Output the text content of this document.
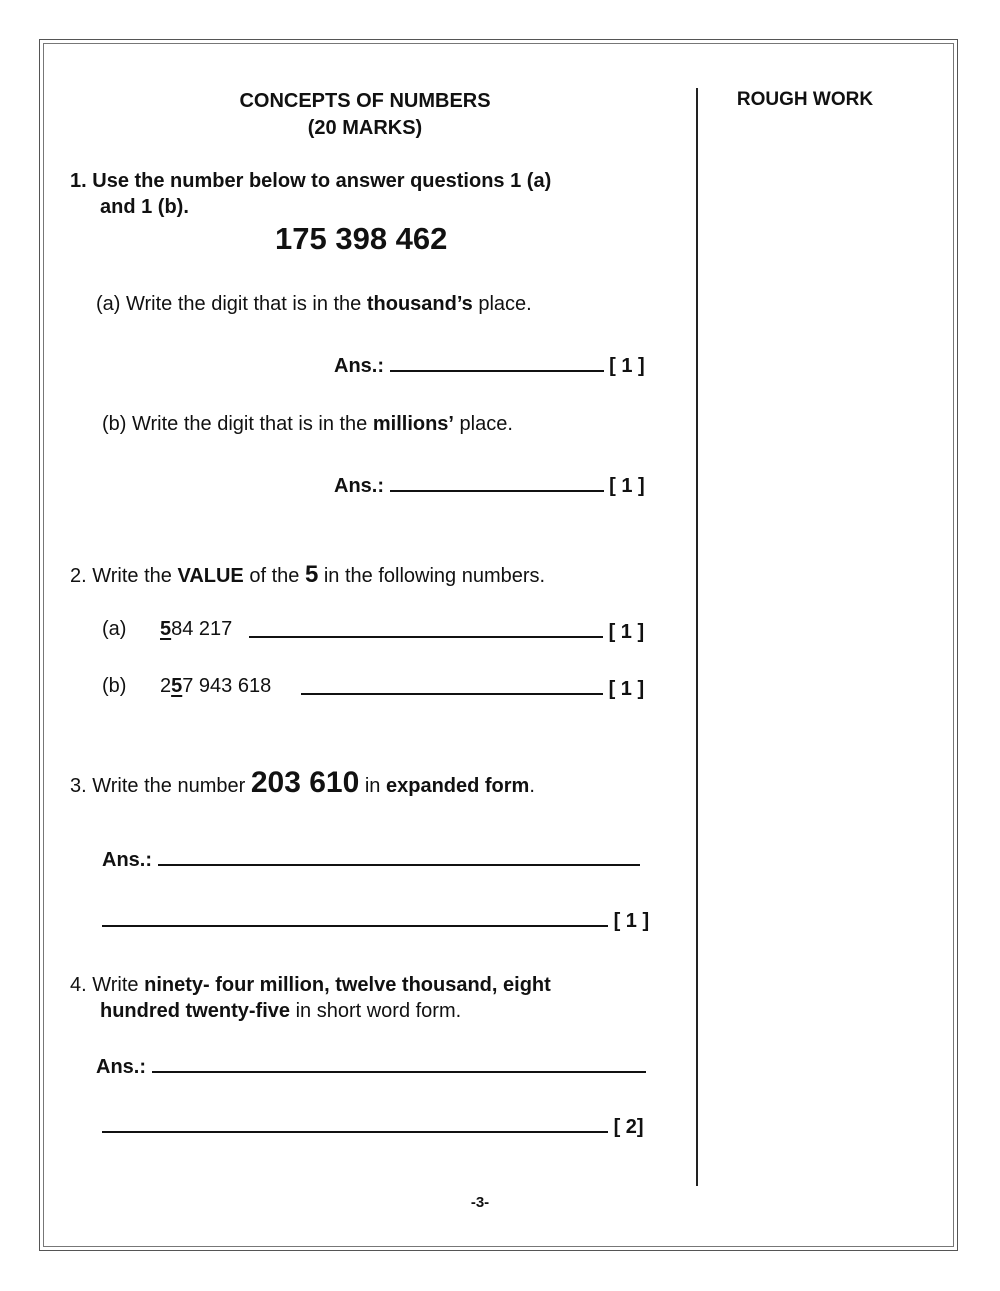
CONCEPTS OF NUMBERS
(20 MARKS)
ROUGH WORK
1. Use the number below to answer questions 1 (a)
and 1 (b).
175 398 462
(a) Write the digit that is in the thousand’s place.
Ans.:	[ 1 ]
(b) Write the digit that is in the millions’ place.
Ans.:	[ 1 ]
2. Write the VALUE of the 5 in the following numbers.
(a) 584 217	[ 1 ]
(b) 257 943 618	[ 1 ]
3. Write the number 203 610 in expanded form.
Ans.:
[ 1 ]
4. Write ninety- four million, twelve thousand, eight
hundred twenty-five in short word form.
Ans.:
[ 2]
-3-
